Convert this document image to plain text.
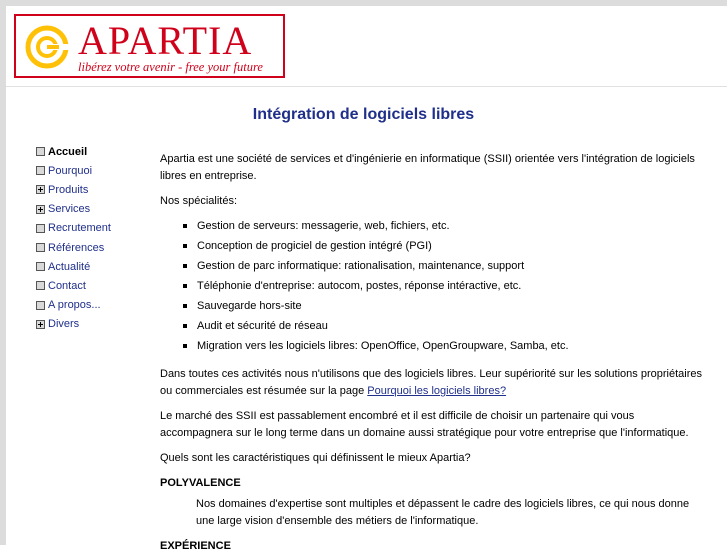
APARTIA
libérez votre avenir - free your future
Intégration de logiciels libres
Accueil
Pourquoi
Produits
Services
Recrutement
Références
Actualité
Contact
A propos...
Divers

Apartia est une société de services et d'ingénierie en informatique (SSII) orientée vers l'intégration de logiciels libres en entreprise.

Nos spécialités:

Gestion de serveurs: messagerie, web, fichiers, etc.
Conception de progiciel de gestion intégré (PGI)
Gestion de parc informatique: rationalisation, maintenance, support
Téléphonie d'entreprise: autocom, postes, réponse intéractive, etc.
Sauvegarde hors-site
Audit et sécurité de réseau
Migration vers les logiciels libres: OpenOffice, OpenGroupware, Samba, etc.

Dans toutes ces activités nous n'utilisons que des logiciels libres. Leur supériorité sur les solutions propriétaires ou commerciales est résumée sur la page Pourquoi les logiciels libres?

Le marché des SSII est passablement encombré et il est difficile de choisir un partenaire qui vous accompagnera sur le long terme dans un domaine aussi stratégique pour votre entreprise que l'informatique.

Quels sont les caractéristiques qui définissent le mieux Apartia?

POLYVALENCE
Nos domaines d'expertise sont multiples et dépassent le cadre des logiciels libres, ce qui nous donne une large vision d'ensemble des métiers de l'informatique.
EXPÉRIENCE
